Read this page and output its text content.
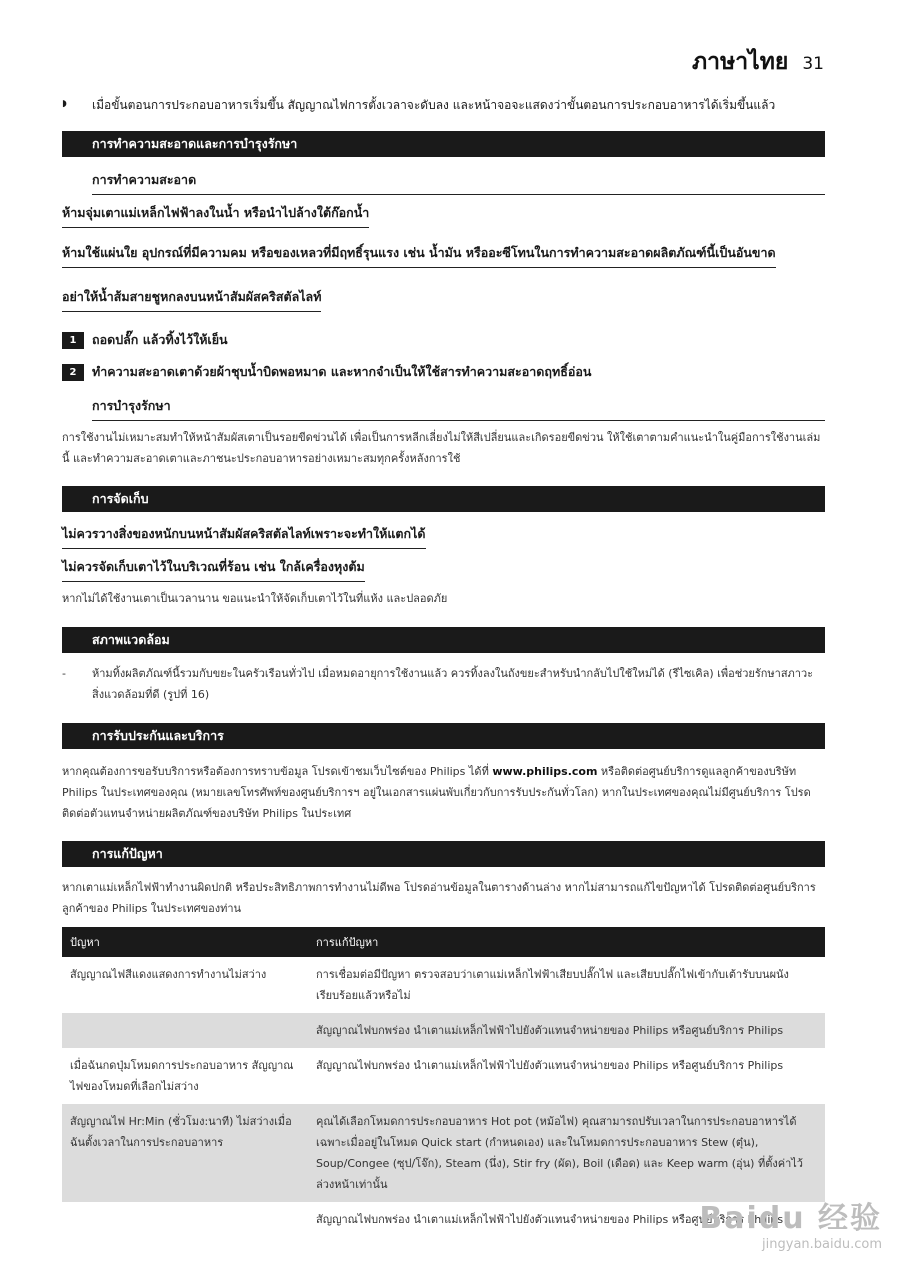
ภาษาไทย 31
◗	เมื่อขั้นตอนการประกอบอาหารเริ่มขึ้น สัญญาณไฟการตั้งเวลาจะดับลง และหน้าจอจะแสดงว่าขั้นตอนการประกอบอาหารได้เริ่มขึ้นแล้ว
การทำความสะอาดและการบำรุงรักษา
การทำความสะอาด
ห้ามจุ่มเตาแม่เหล็กไฟฟ้าลงในน้ำ หรือนำไปล้างใต้ก๊อกน้ำ
ห้ามใช้แผ่นใย อุปกรณ์ที่มีความคม หรือของเหลวที่มีฤทธิ์รุนแรง เช่น น้ำมัน หรืออะซีโทนในการทำความสะอาดผลิตภัณฑ์นี้เป็นอันขาด
อย่าให้น้ำส้มสายชูหกลงบนหน้าสัมผัสคริสตัลไลท์
1	ถอดปลั๊ก แล้วทิ้งไว้ให้เย็น
2	ทำความสะอาดเตาด้วยผ้าชุบน้ำบิดพอหมาด และหากจำเป็นให้ใช้สารทำความสะอาดฤทธิ์อ่อน
การบำรุงรักษา
การใช้งานไม่เหมาะสมทำให้หน้าสัมผัสเตาเป็นรอยขีดข่วนได้ เพื่อเป็นการหลีกเลี่ยงไม่ให้สีเปลี่ยนและเกิดรอยขีดข่วน ให้ใช้เตาตามคำแนะนำในคู่มือการใช้งานเล่มนี้ และทำความสะอาดเตาและภาชนะประกอบอาหารอย่างเหมาะสมทุกครั้งหลังการใช้
การจัดเก็บ
ไม่ควรวางสิ่งของหนักบนหน้าสัมผัสคริสตัลไลท์เพราะจะทำให้แตกได้
ไม่ควรจัดเก็บเตาไว้ในบริเวณที่ร้อน เช่น ใกล้เครื่องหุงต้ม
หากไม่ได้ใช้งานเตาเป็นเวลานาน ขอแนะนำให้จัดเก็บเตาไว้ในที่แห้ง และปลอดภัย
สภาพแวดล้อม
-	ห้ามทิ้งผลิตภัณฑ์นี้รวมกับขยะในครัวเรือนทั่วไป เมื่อหมดอายุการใช้งานแล้ว ควรทิ้งลงในถังขยะสำหรับนำกลับไปใช้ใหม่ได้ (รีไซเคิล) เพื่อช่วยรักษาสภาวะสิ่งแวดล้อมที่ดี (รูปที่ 16)
การรับประกันและบริการ
หากคุณต้องการขอรับบริการหรือต้องการทราบข้อมูล โปรดเข้าชมเว็บไซต์ของ Philips ได้ที่ www.philips.com หรือติดต่อศูนย์บริการดูแลลูกค้าของบริษัท Philips ในประเทศของคุณ (หมายเลขโทรศัพท์ของศูนย์บริการฯ อยู่ในเอกสารแผ่นพับเกี่ยวกับการรับประกันทั่วโลก) หากในประเทศของคุณไม่มีศูนย์บริการ โปรดติดต่อตัวแทนจำหน่ายผลิตภัณฑ์ของบริษัท Philips ในประเทศ
การแก้ปัญหา
หากเตาแม่เหล็กไฟฟ้าทำงานผิดปกติ หรือประสิทธิภาพการทำงานไม่ดีพอ โปรดอ่านข้อมูลในตารางด้านล่าง หากไม่สามารถแก้ไขปัญหาได้ โปรดติดต่อศูนย์บริการลูกค้าของ Philips ในประเทศของท่าน
ปัญหา	การแก้ปัญหา
สัญญาณไฟสีแดงแสดงการทำงานไม่สว่าง	การเชื่อมต่อมีปัญหา ตรวจสอบว่าเตาแม่เหล็กไฟฟ้าเสียบปลั๊กไฟ และเสียบปลั๊กไฟเข้ากับเต้ารับบนผนังเรียบร้อยแล้วหรือไม่
	สัญญาณไฟบกพร่อง นำเตาแม่เหล็กไฟฟ้าไปยังตัวแทนจำหน่ายของ Philips หรือศูนย์บริการ Philips
เมื่อฉันกดปุ่มโหมดการประกอบอาหาร สัญญาณไฟของโหมดที่เลือกไม่สว่าง	สัญญาณไฟบกพร่อง นำเตาแม่เหล็กไฟฟ้าไปยังตัวแทนจำหน่ายของ Philips หรือศูนย์บริการ Philips
สัญญาณไฟ Hr:Min (ชั่วโมง:นาที) ไม่สว่างเมื่อฉันตั้งเวลาในการประกอบอาหาร	คุณได้เลือกโหมดการประกอบอาหาร Hot pot (หม้อไฟ) คุณสามารถปรับเวลาในการประกอบอาหารได้เฉพาะเมื่ออยู่ในโหมด Quick start (กำหนดเอง) และในโหมดการประกอบอาหาร Stew (ตุ๋น), Soup/Congee (ซุป/โจ๊ก), Steam (นึ่ง), Stir fry (ผัด), Boil (เดือด) และ Keep warm (อุ่น) ที่ตั้งค่าไว้ล่วงหน้าเท่านั้น
	สัญญาณไฟบกพร่อง นำเตาแม่เหล็กไฟฟ้าไปยังตัวแทนจำหน่ายของ Philips หรือศูนย์บริการ Philips
Baidu 经验
jingyan.baidu.com
